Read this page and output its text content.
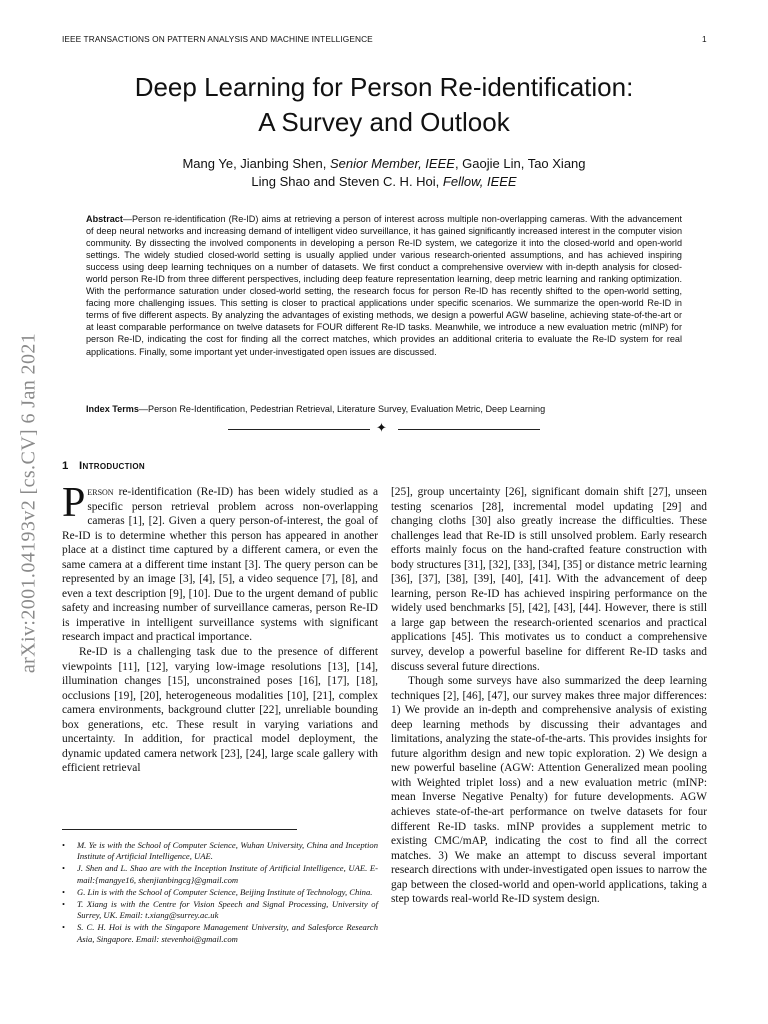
arXiv:2001.04193v2 [cs.CV] 6 Jan 2021
IEEE TRANSACTIONS ON PATTERN ANALYSIS AND MACHINE INTELLIGENCE	1
Deep Learning for Person Re-identification:
A Survey and Outlook
Mang Ye, Jianbing Shen, Senior Member, IEEE, Gaojie Lin, Tao Xiang
Ling Shao and Steven C. H. Hoi, Fellow, IEEE
Abstract—Person re-identification (Re-ID) aims at retrieving a person of interest across multiple non-overlapping cameras. With the advancement of deep neural networks and increasing demand of intelligent video surveillance, it has gained significantly increased interest in the computer vision community. By dissecting the involved components in developing a person Re-ID system, we categorize it into the closed-world and open-world settings. The widely studied closed-world setting is usually applied under various research-oriented assumptions, and has achieved inspiring success using deep learning techniques on a number of datasets. We first conduct a comprehensive overview with in-depth analysis for closed-world person Re-ID from three different perspectives, including deep feature representation learning, deep metric learning and ranking optimization. With the performance saturation under closed-world setting, the research focus for person Re-ID has recently shifted to the open-world setting, facing more challenging issues. This setting is closer to practical applications under specific scenarios. We summarize the open-world Re-ID in terms of five different aspects. By analyzing the advantages of existing methods, we design a powerful AGW baseline, achieving state-of-the-art or at least comparable performance on twelve datasets for FOUR different Re-ID tasks. Meanwhile, we introduce a new evaluation metric (mINP) for person Re-ID, indicating the cost for finding all the correct matches, which provides an additional criteria to evaluate the Re-ID system for real applications. Finally, some important yet under-investigated open issues are discussed.
Index Terms—Person Re-Identification, Pedestrian Retrieval, Literature Survey, Evaluation Metric, Deep Learning
✦
1 Introduction

Person re-identification (Re-ID) has been widely studied as a specific person retrieval problem across non-overlapping cameras [1], [2]. Given a query person-of-interest, the goal of Re-ID is to determine whether this person has appeared in another place at a distinct time captured by a different camera, or even the same camera at a different time instant [3]. The query person can be represented by an image [3], [4], [5], a video sequence [7], [8], and even a text description [9], [10]. Due to the urgent demand of public safety and increasing number of surveillance cameras, person Re-ID is imperative in intelligent surveillance systems with significant research impact and practical importance.

Re-ID is a challenging task due to the presence of different viewpoints [11], [12], varying low-image resolutions [13], [14], illumination changes [15], unconstrained poses [16], [17], [18], occlusions [19], [20], heterogeneous modalities [10], [21], complex camera environments, background clutter [22], unreliable bounding box generations, etc. These result in varying variations and uncertainty. In addition, for practical model deployment, the dynamic updated camera network [23], [24], large scale gallery with efficient retrieval

[25], group uncertainty [26], significant domain shift [27], unseen testing scenarios [28], incremental model updating [29] and changing cloths [30] also greatly increase the difficulties. These challenges lead that Re-ID is still unsolved problem. Early research efforts mainly focus on the hand-crafted feature construction with body structures [31], [32], [33], [34], [35] or distance metric learning [36], [37], [38], [39], [40], [41]. With the advancement of deep learning, person Re-ID has achieved inspiring performance on the widely used benchmarks [5], [42], [43], [44]. However, there is still a large gap between the research-oriented scenarios and practical applications [45]. This motivates us to conduct a comprehensive survey, develop a powerful baseline for different Re-ID tasks and discuss several future directions.

Though some surveys have also summarized the deep learning techniques [2], [46], [47], our survey makes three major differences: 1) We provide an in-depth and comprehensive analysis of existing deep learning methods by discussing their advantages and limitations, analyzing the state-of-the-arts. This provides insights for future algorithm design and new topic exploration. 2) We design a new powerful baseline (AGW: Attention Generalized mean pooling with Weighted triplet loss) and a new evaluation metric (mINP: mean Inverse Negative Penalty) for future developments. AGW achieves state-of-the-art performance on twelve datasets for four different Re-ID tasks. mINP provides a supplement metric to existing CMC/mAP, indicating the cost to find all the correct matches. 3) We make an attempt to discuss several important research directions with under-investigated open issues to narrow the gap between the closed-world and open-world applications, taking a step towards real-world Re-ID system design.

• M. Ye is with the School of Computer Science, Wuhan University, China and Inception Institute of Artificial Intelligence, UAE.
• J. Shen and L. Shao are with the Inception Institute of Artificial Intelligence, UAE. E-mail:{mangye16, shenjianbingcg}@gmail.com
• G. Lin is with the School of Computer Science, Beijing Institute of Technology, China.
• T. Xiang is with the Centre for Vision Speech and Signal Processing, University of Surrey, UK. Email: t.xiang@surrey.ac.uk
• S. C. H. Hoi is with the Singapore Management University, and Salesforce Research Asia, Singapore. Email: stevenhoi@gmail.com
